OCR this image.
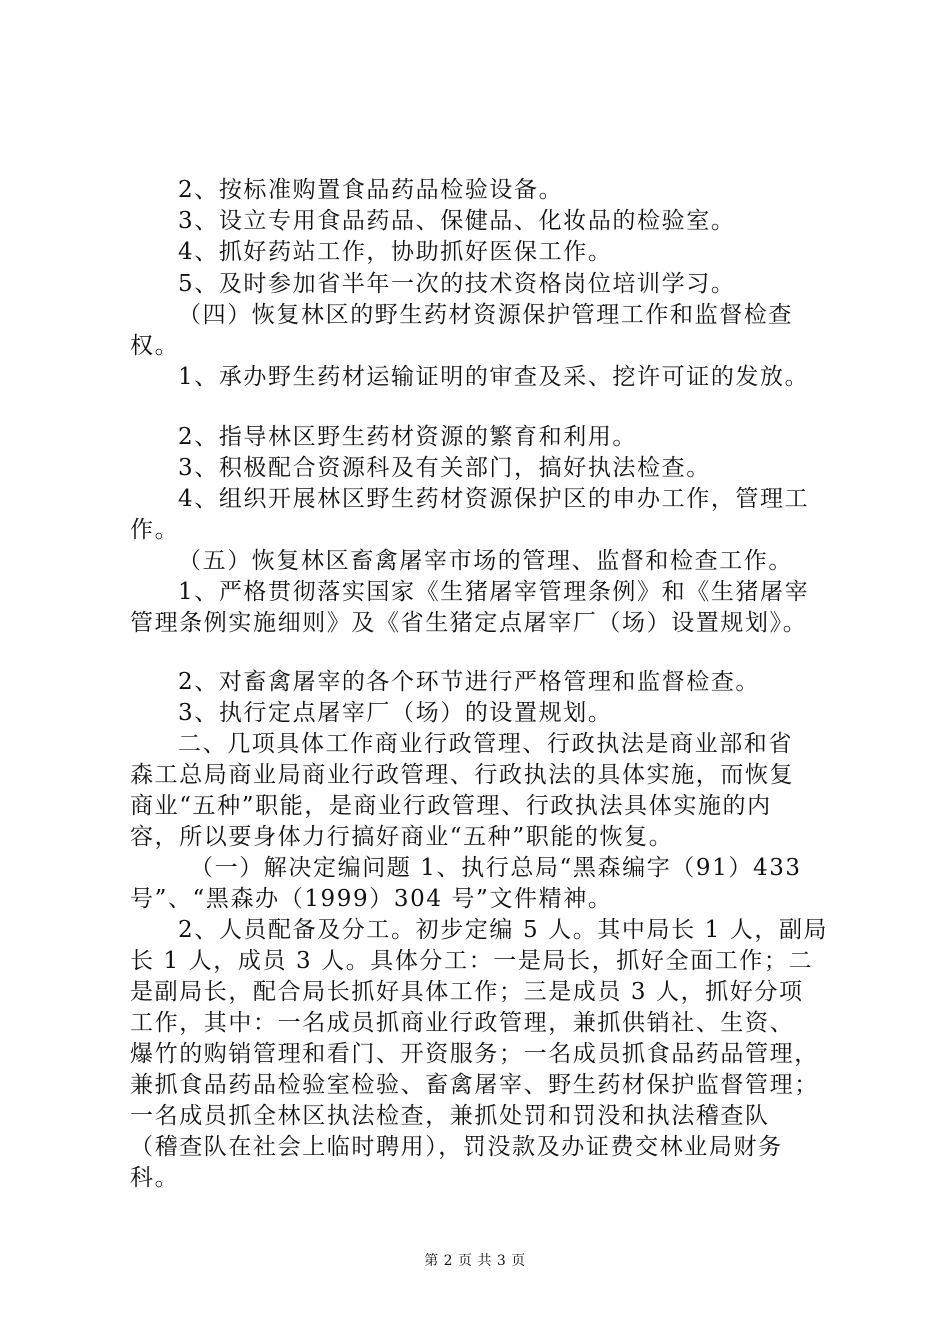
2、按标准购置食品药品检验设备。

3、设立专用食品药品、保健品、化妆品的检验室。

4、抓好药站工作，协助抓好医保工作。

5、及时参加省半年一次的技术资格岗位培训学习。

（四）恢复林区的野生药材资源保护管理工作和监督检查

权。

1、承办野生药材运输证明的审查及采、挖许可证的发放。

2、指导林区野生药材资源的繁育和利用。

3、积极配合资源科及有关部门，搞好执法检查。

4、组织开展林区野生药材资源保护区的申办工作，管理工

作。

（五）恢复林区畜禽屠宰市场的管理、监督和检查工作。

1、严格贯彻落实国家《生猪屠宰管理条例》和《生猪屠宰

管理条例实施细则》及《省生猪定点屠宰厂（场）设置规划》。

2、对畜禽屠宰的各个环节进行严格管理和监督检查。

3、执行定点屠宰厂（场）的设置规划。

二、几项具体工作商业行政管理、行政执法是商业部和省

森工总局商业局商业行政管理、行政执法的具体实施，而恢复

商业“五种”职能，是商业行政管理、行政执法具体实施的内

容，所以要身体力行搞好商业“五种”职能的恢复。

（一）解决定编问题 1、执行总局“黑森编字（91）433

号”、“黑森办（1999）304 号”文件精神。

2、人员配备及分工。初步定编 5 人。其中局长 1 人，副局

长 1 人，成员 3 人。具体分工：一是局长，抓好全面工作；二

是副局长，配合局长抓好具体工作；三是成员 3 人，抓好分项

工作，其中：一名成员抓商业行政管理，兼抓供销社、生资、

爆竹的购销管理和看门、开资服务；一名成员抓食品药品管理，

兼抓食品药品检验室检验、畜禽屠宰、野生药材保护监督管理；

一名成员抓全林区执法检查，兼抓处罚和罚没和执法稽查队

（稽查队在社会上临时聘用），罚没款及办证费交林业局财务

科。

第 2 页 共 3 页
